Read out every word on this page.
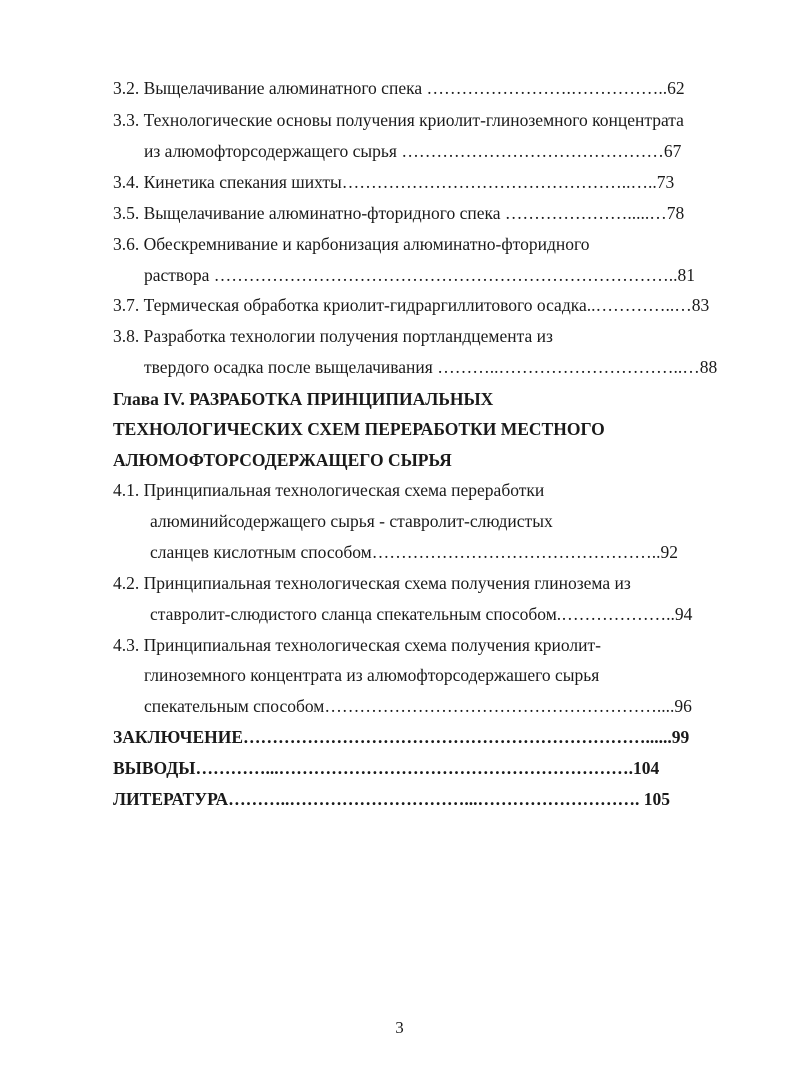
3.2. Выщелачивание алюминатного спека …………………….……………..62
3.3. Технологические основы получения криолит-глиноземного концентрата
из алюмофторсодержащего сырья ………………………………………67
3.4. Кинетика спекания шихты…………………………………………..…..73
3.5. Выщелачивание алюминатно-фторидного спека ………………….....…78
3.6. Обескремнивание и карбонизация алюминатно-фторидного
раствора ……………………………………………………………………..81
3.7. Термическая обработка криолит-гидраргиллитового осадка..…………..…83
3.8. Разработка технологии получения портландцемента из
твердого осадка после выщелачивания ………..…………………………..…88
Глава IV. РАЗРАБОТКА ПРИНЦИПИАЛЬНЫХ
ТЕХНОЛОГИЧЕСКИХ СХЕМ ПЕРЕРАБОТКИ МЕСТНОГО
АЛЮМОФТОРСОДЕРЖАЩЕГО СЫРЬЯ
4.1. Принципиальная технологическая схема переработки
алюминийсодержащего сырья - ставролит-слюдистых
сланцев кислотным способом…………………………………………..92
4.2. Принципиальная технологическая схема получения глинозема из
ставролит-слюдистого сланца спекательным способом.………………..94
4.3. Принципиальная технологическая схема получения криолит-
глиноземного концентрата из алюмофторсодержашего сырья
спекательным способом…………………………………………………....96
ЗАКЛЮЧЕНИЕ……………………………………………………………......99
ВЫВОДЫ…………...…………………………………………………….104
ЛИТЕРАТУРА………..…………………………...………………………. 105
3
